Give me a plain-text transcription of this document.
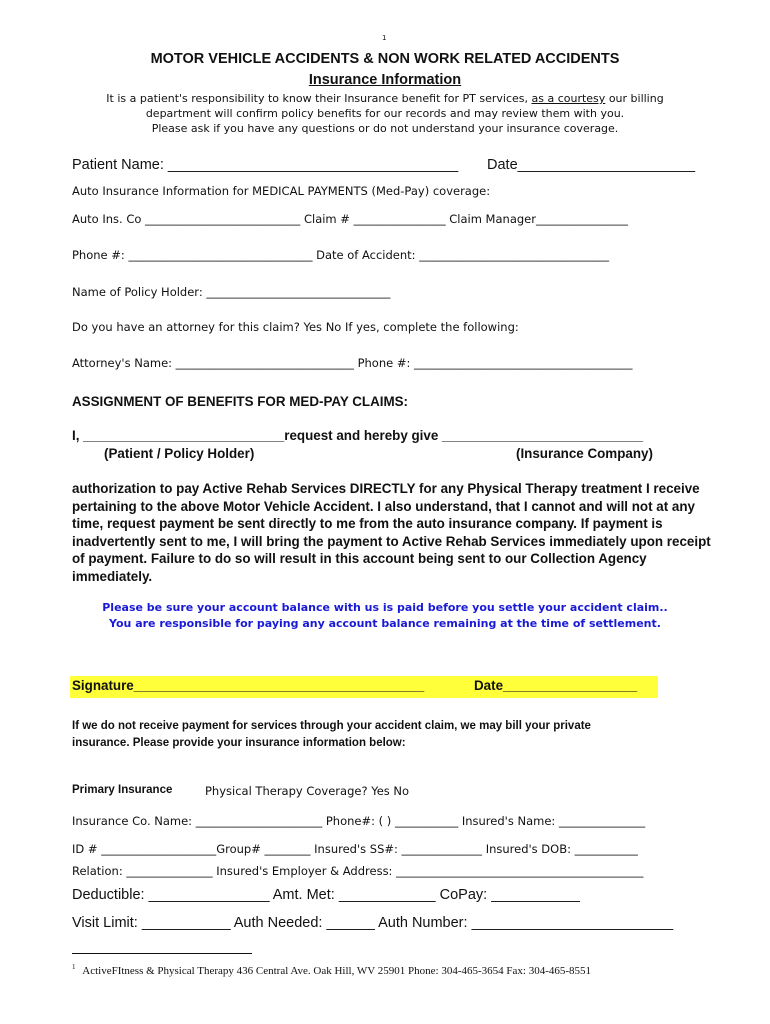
1
MOTOR VEHICLE ACCIDENTS & NON WORK RELATED ACCIDENTS
Insurance Information
It is a patient's responsibility to know their Insurance benefit for PT services, as a courtesy our billing
department will confirm policy benefits for our records and may review them with you.
Please ask if you have any questions or do not understand your insurance coverage.
Patient Name: ____________________________________ Date______________________
Auto Insurance Information for MEDICAL PAYMENTS (Med-Pay) coverage:
Auto Ins. Co ___________________________ Claim # ________________ Claim Manager________________
Phone #: ________________________________ Date of Accident: _________________________________
Name of Policy Holder: ________________________________
Do you have an attorney for this claim? Yes No If yes, complete the following:
Attorney's Name: _______________________________ Phone #: ______________________________________
ASSIGNMENT OF BENEFITS FOR MED-PAY CLAIMS:
I, ___________________________request and hereby give ___________________________
(Patient / Policy Holder)	(Insurance Company)
authorization to pay Active Rehab Services DIRECTLY for any Physical Therapy treatment I receive pertaining to the above Motor Vehicle Accident. I also understand, that I cannot and will not at any time, request payment be sent directly to me from the auto insurance company. If payment is inadvertently sent to me, I will bring the payment to Active Rehab Services immediately upon receipt of payment. Failure to do so will result in this account being sent to our Collection Agency immediately.
Please be sure your account balance with us is paid before you settle your accident claim..
You are responsible for paying any account balance remaining at the time of settlement.
Signature_______________________________________	Date__________________
If we do not receive payment for services through your accident claim, we may bill your private
insurance. Please provide your insurance information below:
Primary Insurance	Physical Therapy Coverage? Yes No
Insurance Co. Name: ______________________ Phone#: ( ) ___________ Insured's Name: _______________
ID # ____________________Group# ________ Insured's SS#: ______________ Insured's DOB: ___________
Relation: _______________ Insured's Employer & Address: ___________________________________________
Deductible: _______________ Amt. Met: ____________ CoPay: ___________
Visit Limit: ___________ Auth Needed: ______ Auth Number: _________________________
$^1$ ActiveFItness & Physical Therapy 436 Central Ave. Oak Hill, WV 25901 Phone: 304-465-3654 Fax: 304-465-8551
